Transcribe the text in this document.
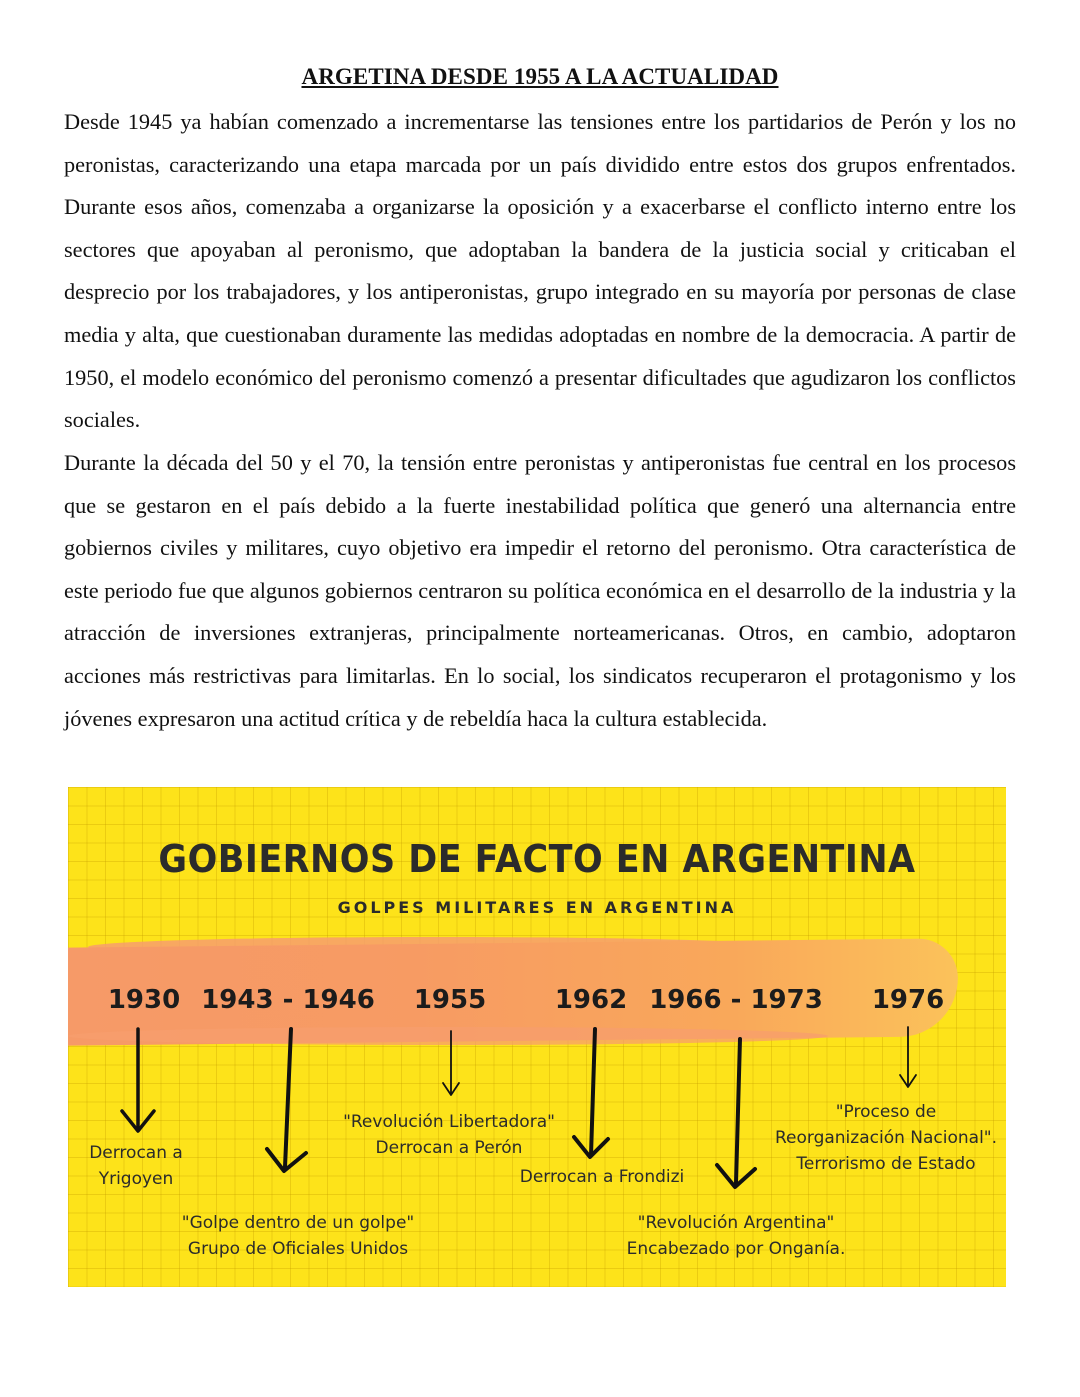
ARGETINA DESDE 1955 A LA ACTUALIDAD

Desde 1945 ya habían comenzado a incrementarse las tensiones entre los partidarios de Perón y los no peronistas, caracterizando una etapa marcada por un país dividido entre estos dos grupos enfrentados. Durante esos años, comenzaba a organizarse la oposición y a exacerbarse el conflicto interno entre los sectores que apoyaban al peronismo, que adoptaban la bandera de la justicia social y criticaban el desprecio por los trabajadores, y los antiperonistas, grupo integrado en su mayoría por personas de clase media y alta, que cuestionaban duramente las medidas adoptadas en nombre de la democracia. A partir de 1950, el modelo económico del peronismo comenzó a presentar dificultades que agudizaron los conflictos sociales.

Durante la década del 50 y el 70, la tensión entre peronistas y antiperonistas fue central en los procesos que se gestaron en el país debido a la fuerte inestabilidad política que generó una alternancia entre gobiernos civiles y militares, cuyo objetivo era impedir el retorno del peronismo. Otra característica de este periodo fue que algunos gobiernos centraron su política económica en el desarrollo de la industria y la atracción de inversiones extranjeras, principalmente norteamericanas. Otros, en cambio, adoptaron acciones más restrictivas para limitarlas. En lo social, los sindicatos recuperaron el protagonismo y los jóvenes expresaron una actitud crítica y de rebeldía haca la cultura establecida.

GOBIERNOS DE FACTO EN ARGENTINA
GOLPES MILITARES EN ARGENTINA
1930 1943 - 1946 1955	1962 1966 - 1973 1976
Derrocan a
Yrigoyen
"Golpe dentro de un golpe"
Grupo de Oficiales Unidos
"Revolución Libertadora"
Derrocan a Perón
Derrocan a Frondizi
"Revolución Argentina"
Encabezado por Onganía.
"Proceso de
Reorganización Nacional".
Terrorismo de Estado
